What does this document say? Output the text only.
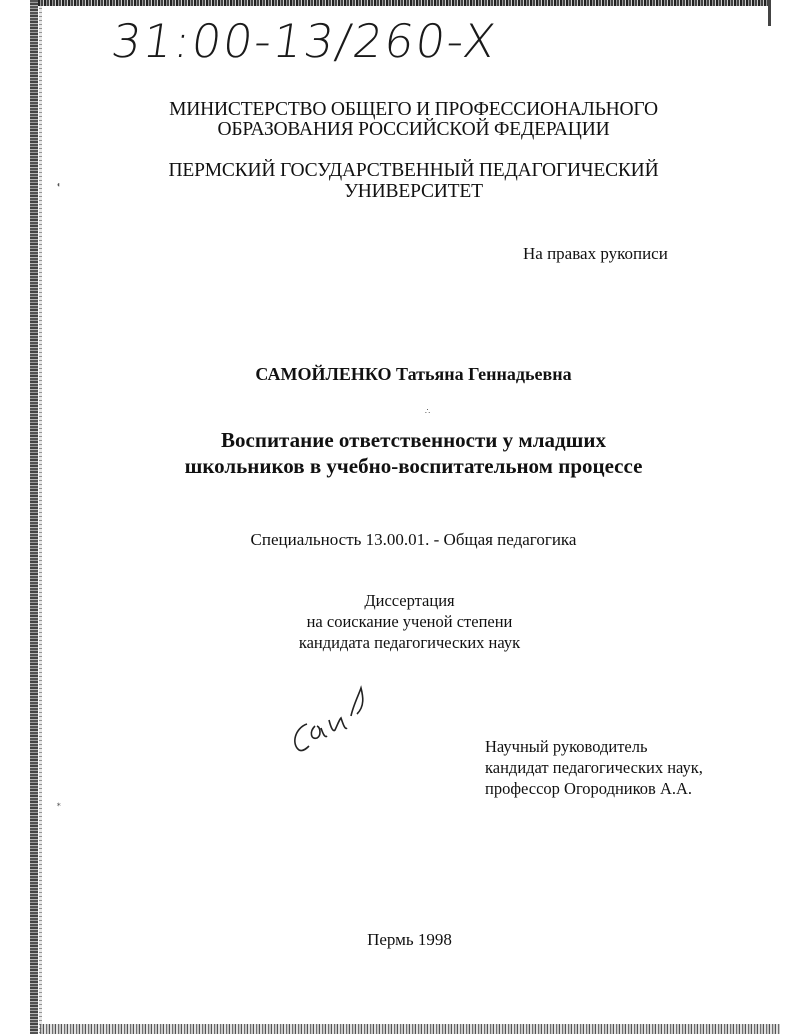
◖
∗
31:00-13/260-X
МИНИСТЕРСТВО ОБЩЕГО И ПРОФЕССИОНАЛЬНОГО
ОБРАЗОВАНИЯ РОССИЙСКОЙ ФЕДЕРАЦИИ
ПЕРМСКИЙ ГОСУДАРСТВЕННЫЙ ПЕДАГОГИЧЕСКИЙ
УНИВЕРСИТЕТ
На правах рукописи
САМОЙЛЕНКО Татьяна Геннадьевна
∴
Воспитание ответственности у младших
школьников в учебно-воспитательном процессе
Специальность 13.00.01. - Общая педагогика
Диссертация
на соискание ученой степени
кандидата педагогических наук
Научный руководитель
кандидат педагогических наук,
профессор Огородников А.А.
Пермь 1998
